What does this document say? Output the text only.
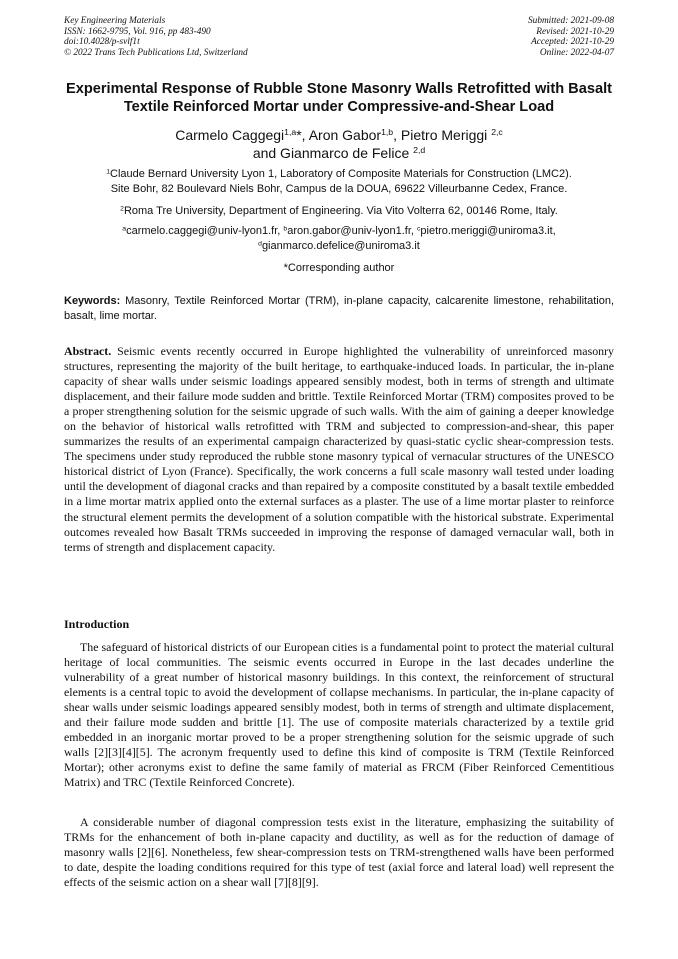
Key Engineering Materials
ISSN: 1662-9795, Vol. 916, pp 483-490
doi:10.4028/p-svlf1t
© 2022 Trans Tech Publications Ltd, Switzerland
Submitted: 2021-09-08
Revised: 2021-10-29
Accepted: 2021-10-29
Online: 2022-04-07
Experimental Response of Rubble Stone Masonry Walls Retrofitted with Basalt Textile Reinforced Mortar under Compressive-and-Shear Load
Carmelo Caggegi$^{1,a}$*, Aron Gabor$^{1,b}$, Pietro Meriggi $^{2,c}$
and Gianmarco de Felice $^{2,d}$
$^1$Claude Bernard University Lyon 1, Laboratory of Composite Materials for Construction (LMC2).
Site Bohr, 82 Boulevard Niels Bohr, Campus de la DOUA, 69622 Villeurbanne Cedex, France.
$^2$Roma Tre University, Department of Engineering. Via Vito Volterra 62, 00146 Rome, Italy.
$^a$carmelo.caggegi@univ-lyon1.fr, $^b$aron.gabor@univ-lyon1.fr, $^c$pietro.meriggi@uniroma3.it,
$^d$gianmarco.defelice@uniroma3.it
*Corresponding author
Keywords: Masonry, Textile Reinforced Mortar (TRM), in-plane capacity, calcarenite limestone, rehabilitation, basalt, lime mortar.

Abstract. Seismic events recently occurred in Europe highlighted the vulnerability of unreinforced masonry structures, representing the majority of the built heritage, to earthquake-induced loads. In particular, the in-plane capacity of shear walls under seismic loadings appeared sensibly modest, both in terms of strength and ultimate displacement, and their failure mode sudden and brittle. Textile Reinforced Mortar (TRM) composites proved to be a proper strengthening solution for the seismic upgrade of such walls. With the aim of gaining a deeper knowledge on the behavior of historical walls retrofitted with TRM and subjected to compression-and-shear, this paper summarizes the results of an experimental campaign characterized by quasi-static cyclic shear-compression tests. The specimens under study reproduced the rubble stone masonry typical of vernacular structures of the UNESCO historical district of Lyon (France). Specifically, the work concerns a full scale masonry wall tested under loading until the development of diagonal cracks and than repaired by a composite constituted by a basalt textile embedded in a lime mortar matrix applied onto the external surfaces as a plaster. The use of a lime mortar plaster to reinforce the structural element permits the development of a solution compatible with the historical substrate. Experimental outcomes revealed how Basalt TRMs succeeded in improving the response of damaged vernacular wall, both in terms of strength and displacement capacity.

Introduction

The safeguard of historical districts of our European cities is a fundamental point to protect the material cultural heritage of local communities. The seismic events occurred in Europe in the last decades underline the vulnerability of a great number of historical masonry buildings. In this context, the reinforcement of structural elements is a central topic to avoid the development of collapse mechanisms. In particular, the in-plane capacity of shear walls under seismic loadings appeared sensibly modest, both in terms of strength and ultimate displacement, and their failure mode sudden and brittle [1]. The use of composite materials characterized by a textile grid embedded in an inorganic mortar proved to be a proper strengthening solution for the seismic upgrade of such walls [2][3][4][5]. The acronym frequently used to define this kind of composite is TRM (Textile Reinforced Mortar); other acronyms exist to define the same family of material as FRCM (Fiber Reinforced Cementitious Matrix) and TRC (Textile Reinforced Concrete).

A considerable number of diagonal compression tests exist in the literature, emphasizing the suitability of TRMs for the enhancement of both in-plane capacity and ductility, as well as for the reduction of damage of masonry walls [2][6]. Nonetheless, few shear-compression tests on TRM-strengthened walls have been performed to date, despite the loading conditions required for this type of test (axial force and lateral load) well represent the effects of the seismic action on a shear wall [7][8][9].
